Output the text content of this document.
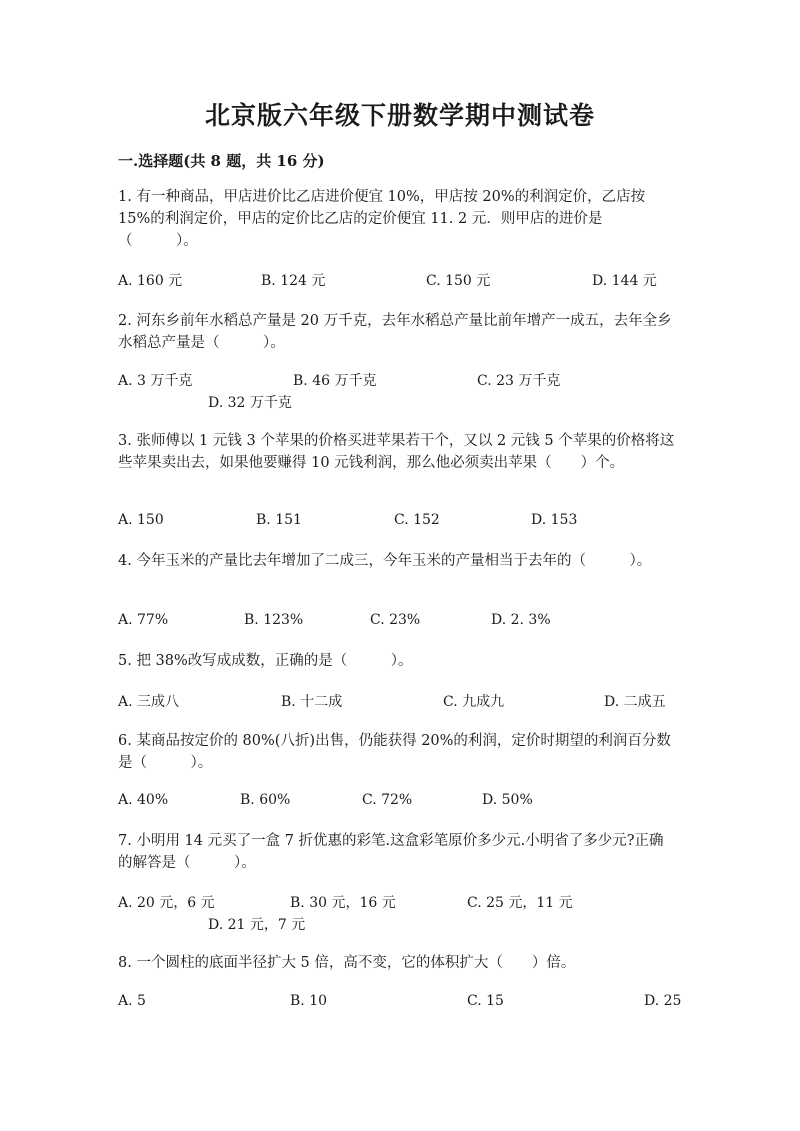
北京版六年级下册数学期中测试卷
一.选择题(共 8 题，共 16 分)
1. 有一种商品，甲店进价比乙店进价便宜 10%，甲店按 20%的利润定价，乙店按 15%的利润定价，甲店的定价比乙店的定价便宜 11. 2 元．则甲店的进价是（　　　）。
A. 160 元	B. 124 元	C. 150 元	D. 144 元
2. 河东乡前年水稻总产量是 20 万千克，去年水稻总产量比前年增产一成五，去年全乡水稻总产量是（　　　）。
A. 3 万千克	B. 46 万千克	C. 23 万千克
D. 32 万千克
3. 张师傅以 1 元钱 3 个苹果的价格买进苹果若干个，又以 2 元钱 5 个苹果的价格将这些苹果卖出去，如果他要赚得 10 元钱利润，那么他必须卖出苹果（　　）个。
A. 150	B. 151	C. 152	D. 153
4. 今年玉米的产量比去年增加了二成三，今年玉米的产量相当于去年的（　　　）。
A. 77%	B. 123%	C. 23%	D. 2. 3%
5. 把 38%改写成成数，正确的是（　　　）。
A. 三成八	B. 十二成	C. 九成九	D. 二成五
6. 某商品按定价的 80%(八折)出售，仍能获得 20%的利润，定价时期望的利润百分数是（　　　）。
A. 40%	B. 60%	C. 72%	D. 50%
7. 小明用 14 元买了一盒 7 折优惠的彩笔.这盒彩笔原价多少元.小明省了多少元?正确的解答是（　　　）。
A. 20 元，6 元	B. 30 元，16 元	C. 25 元，11 元
D. 21 元，7 元
8. 一个圆柱的底面半径扩大 5 倍，高不变，它的体积扩大（　　）倍。
A. 5	B. 10	C. 15	D. 25
